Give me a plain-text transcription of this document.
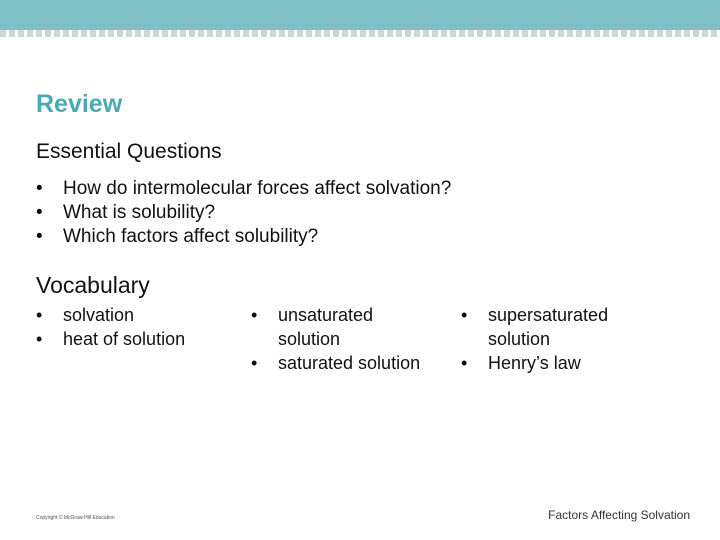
Review
Essential Questions
•	How do intermolecular forces affect solvation?
•	What is solubility?
•	Which factors affect solubility?
Vocabulary
•	solvation
•	heat of solution
•	unsaturated solution
•	saturated solution
•	supersaturated solution
•	Henry’s law
Copyright © McGraw-Hill Education	Factors Affecting Solvation
